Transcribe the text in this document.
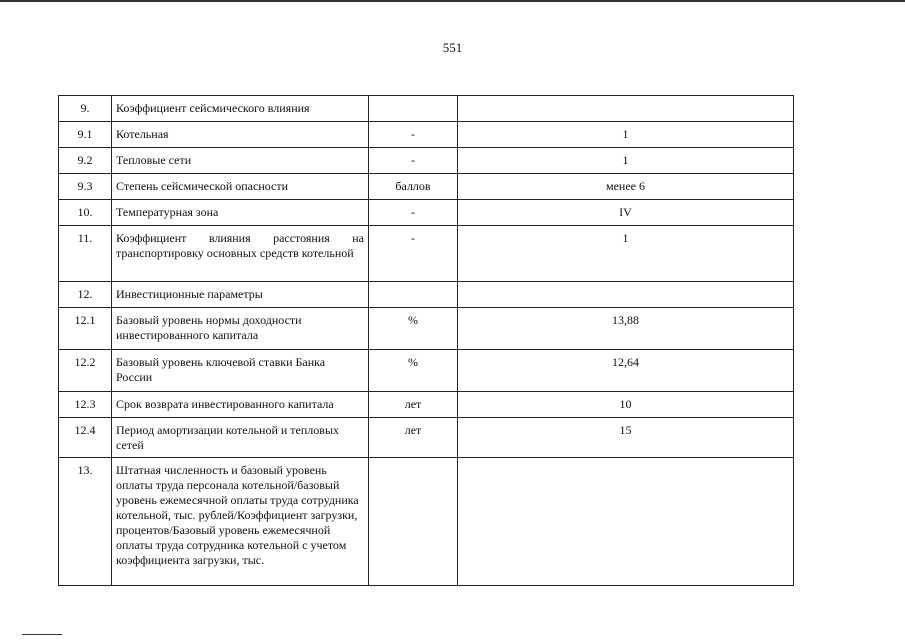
551
9.	Коэффициент сейсмического влияния		
9.1	Котельная	-	1
9.2	Тепловые сети	-	1
9.3	Степень сейсмической опасности	баллов	менее 6
10.	Температурная зона	-	IV
11.	Коэффициент влияния расстояния на транспортировку основных средств котельной	-	1
12.	Инвестиционные параметры		
12.1	Базовый уровень нормы доходности инвестированного капитала	%	13,88
12.2	Базовый уровень ключевой ставки Банка России	%	12,64
12.3	Срок возврата инвестированного капитала	лет	10
12.4	Период амортизации котельной и тепловых сетей	лет	15
13.	Штатная численность и базовый уровень оплаты труда персонала котельной/базовый уровень ежемесячной оплаты труда сотрудника котельной, тыс. рублей/Коэффициент загрузки, процентов/Базовый уровень ежемесячной оплаты труда сотрудника котельной с учетом коэффициента загрузки, тыс.		
